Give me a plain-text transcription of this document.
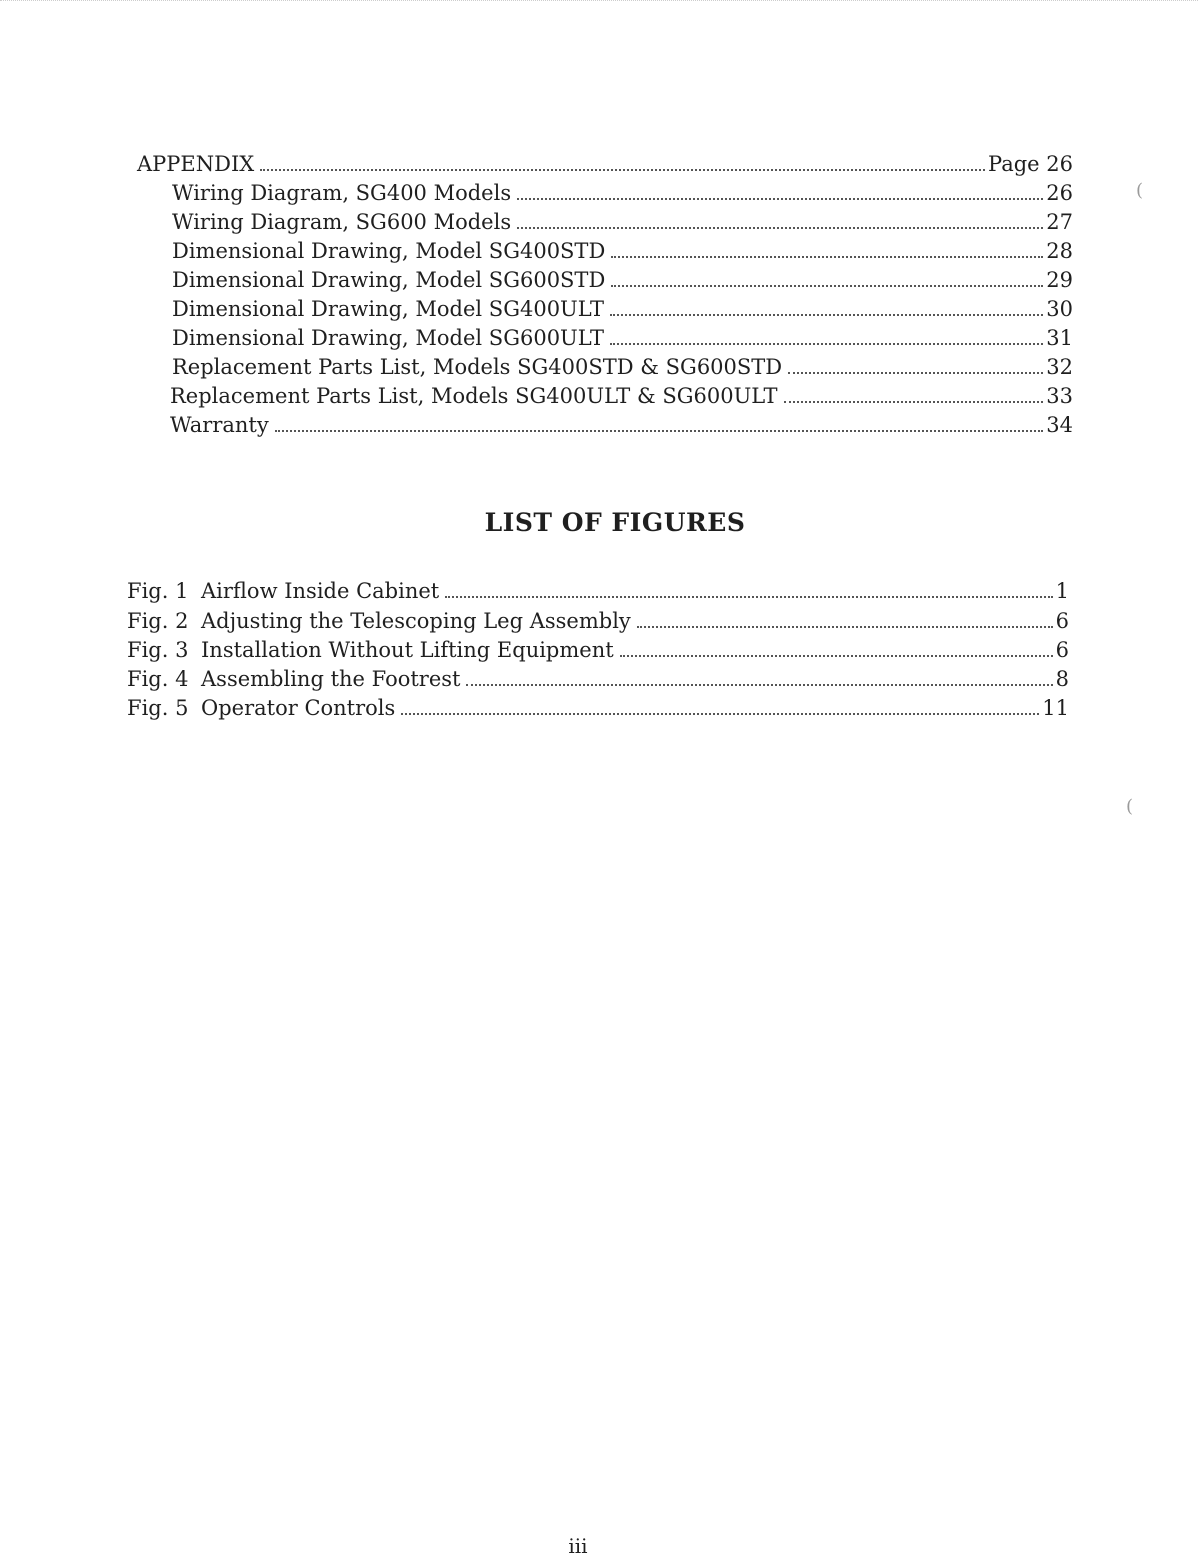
APPENDIX	Page 26
Wiring Diagram, SG400 Models	26
Wiring Diagram, SG600 Models	27
Dimensional Drawing, Model SG400STD	28
Dimensional Drawing, Model SG600STD	29
Dimensional Drawing, Model SG400ULT	30
Dimensional Drawing, Model SG600ULT	31
Replacement Parts List, Models SG400STD & SG600STD	32
Replacement Parts List, Models SG400ULT & SG600ULT	33
Warranty	34
LIST OF FIGURES
Fig. 1 Airflow Inside Cabinet	1
Fig. 2 Adjusting the Telescoping Leg Assembly	6
Fig. 3 Installation Without Lifting Equipment	6
Fig. 4 Assembling the Footrest	8
Fig. 5 Operator Controls	11
(
(
iii
